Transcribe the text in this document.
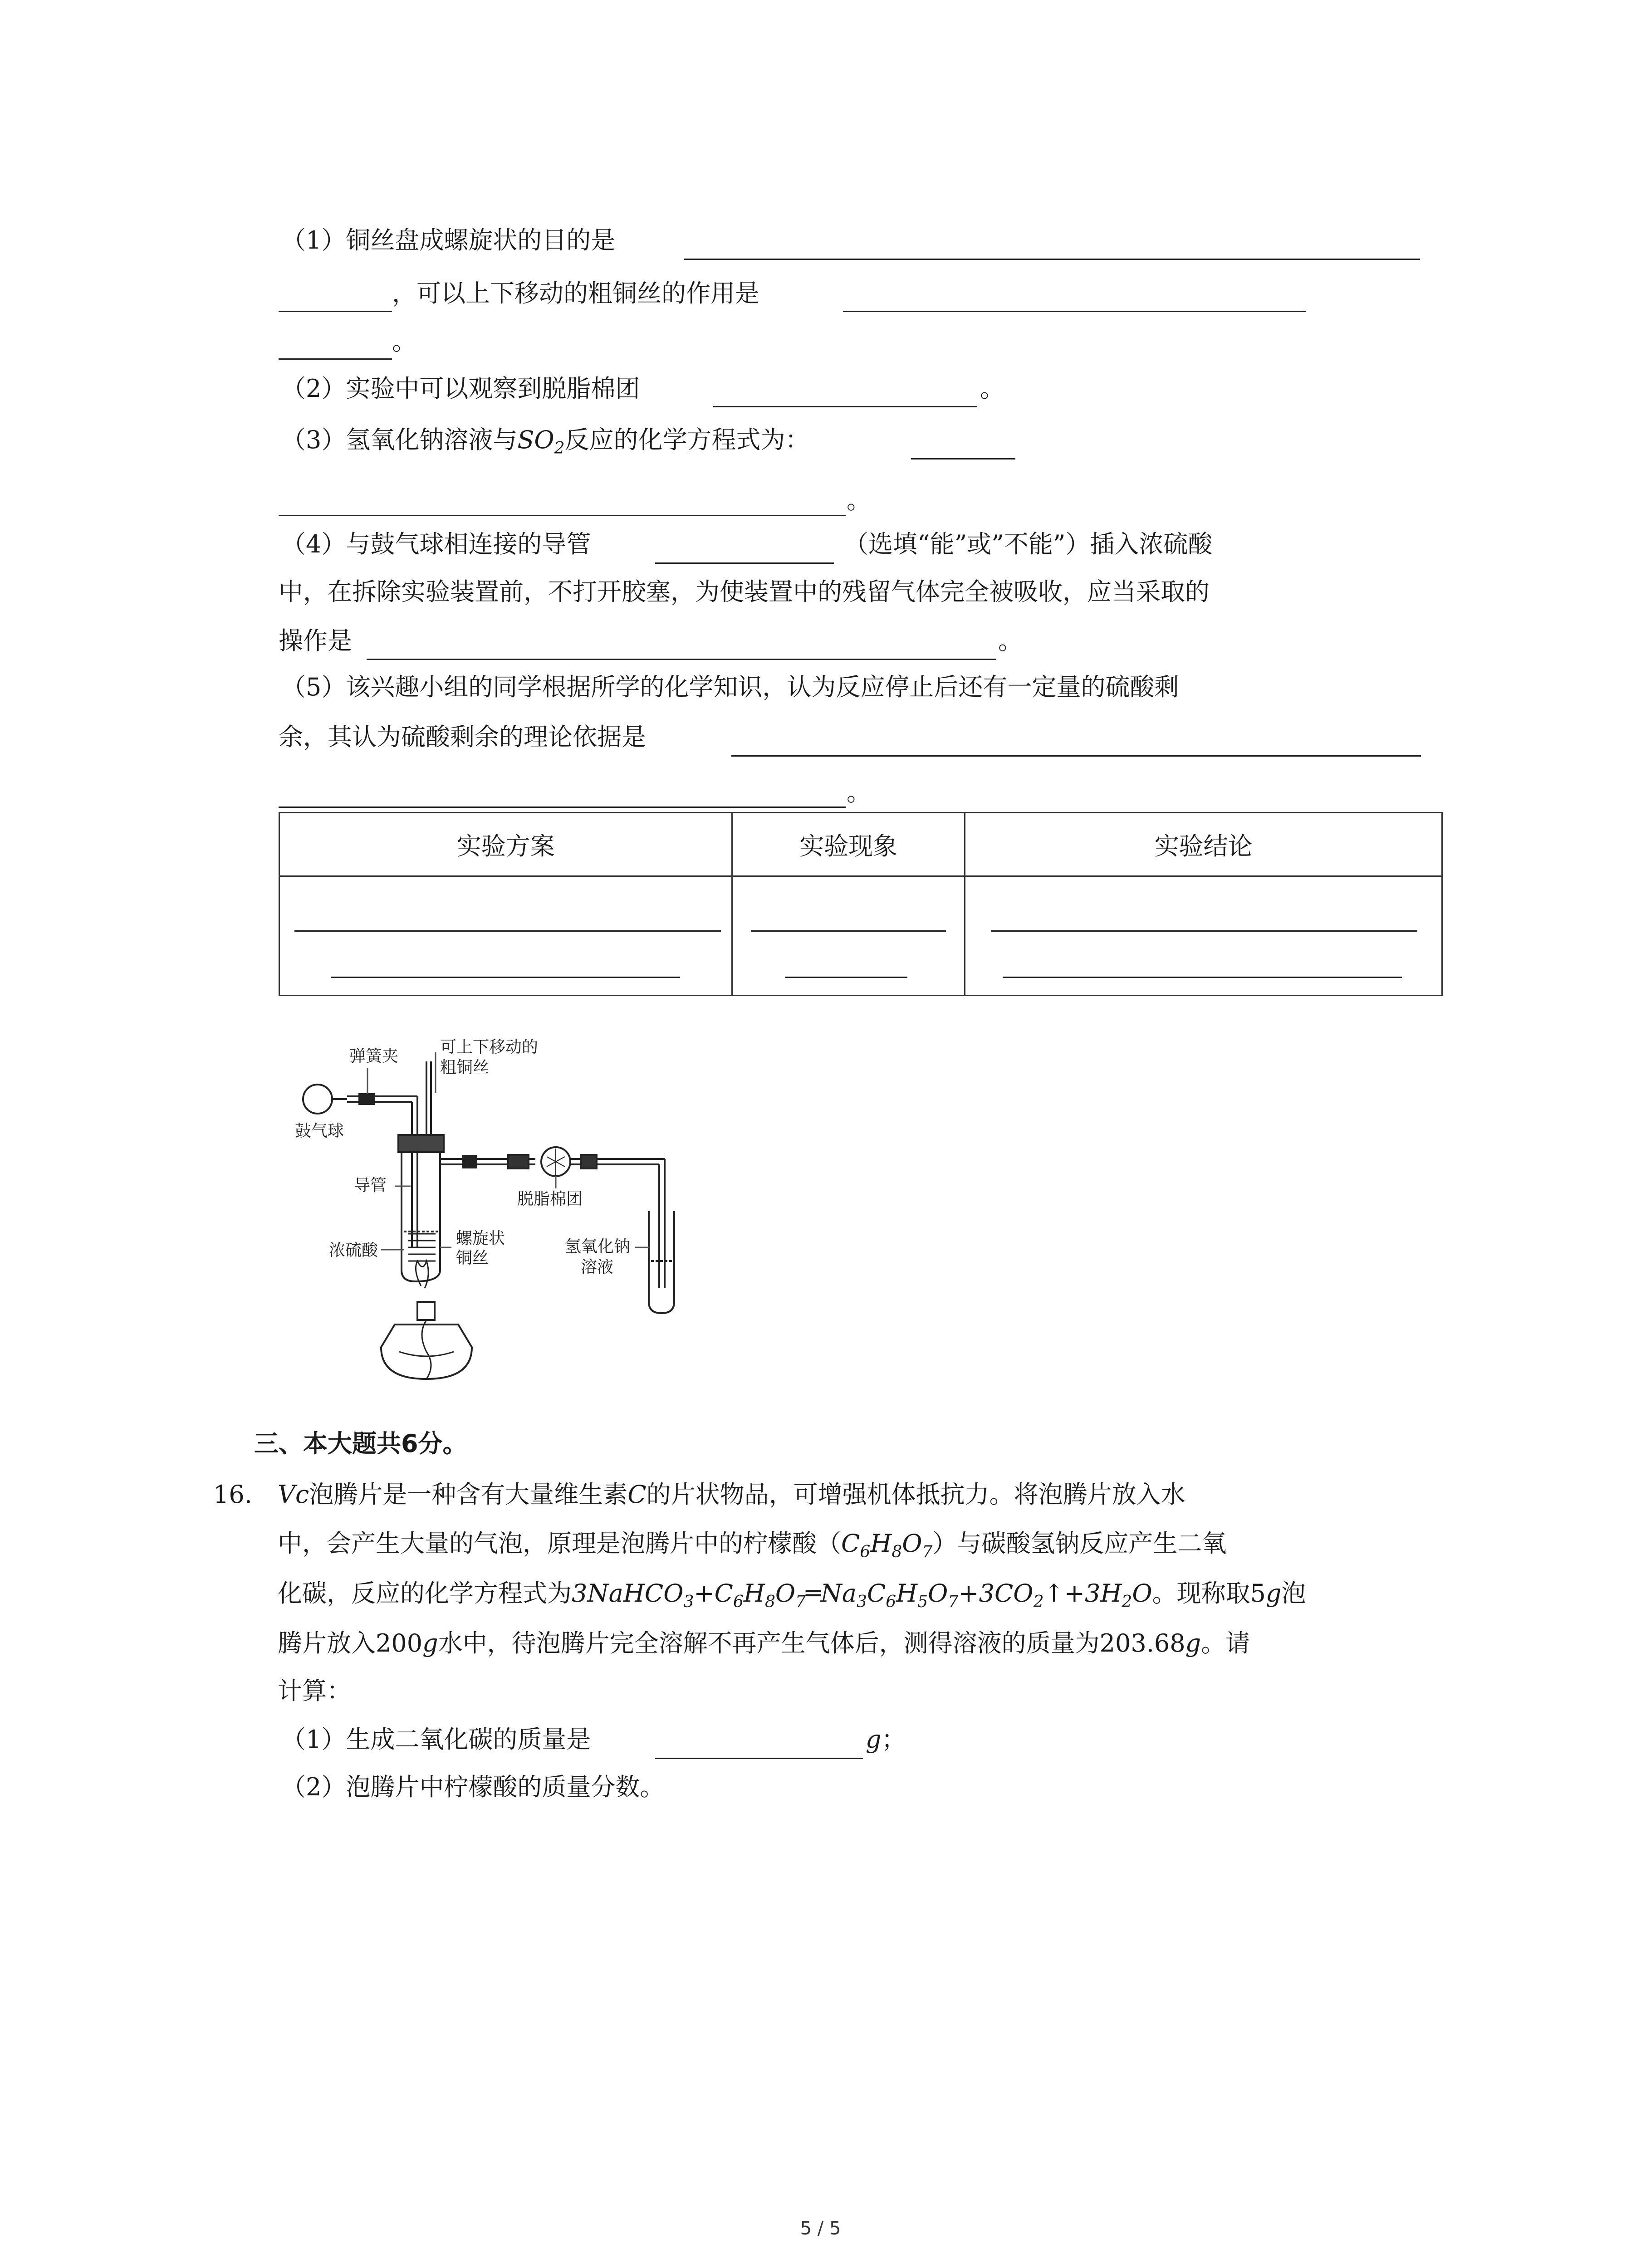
（1）铜丝盘成螺旋状的目的是
，可以上下移动的粗铜丝的作用是
。
（2）实验中可以观察到脱脂棉团	。
（3）氢氧化钠溶液与$SO_2$反应的化学方程式为：
。
（4）与鼓气球相连接的导管	（选填“能”或”不能”）插入浓硫酸
中，在拆除实验装置前，不打开胶塞，为使装置中的残留气体完全被吸收，应当采取的
操作是	。
（5）该兴趣小组的同学根据所学的化学知识，认为反应停止后还有一定量的硫酸剩
余，其认为硫酸剩余的理论依据是
。
实验方案	实验现象	实验结论

弹簧夹	可上下移动的
粗铜丝
鼓气球
导管
螺旋状
铜丝
脱脂棉团
浓硫酸	氢氧化钠
溶液
三、本大题共6分。
16. Vc泡腾片是一种含有大量维生素C的片状物品，可增强机体抵抗力。将泡腾片放入水
中，会产生大量的气泡，原理是泡腾片中的柠檬酸$(C_6H_8O_7)$与碳酸氢钠反应产生二氧
化碳，反应的化学方程式为$3NaHCO_3+C_6H_8O_7═Na_3C_6H_5O_7+3CO_2↑+3H_2O$。现称取5g泡
腾片放入200g水中，待泡腾片完全溶解不再产生气体后，测得溶液的质量为203.68g。请
计算：
（1）生成二氧化碳的质量是	g；
（2）泡腾片中柠檬酸的质量分数。
5 / 5
